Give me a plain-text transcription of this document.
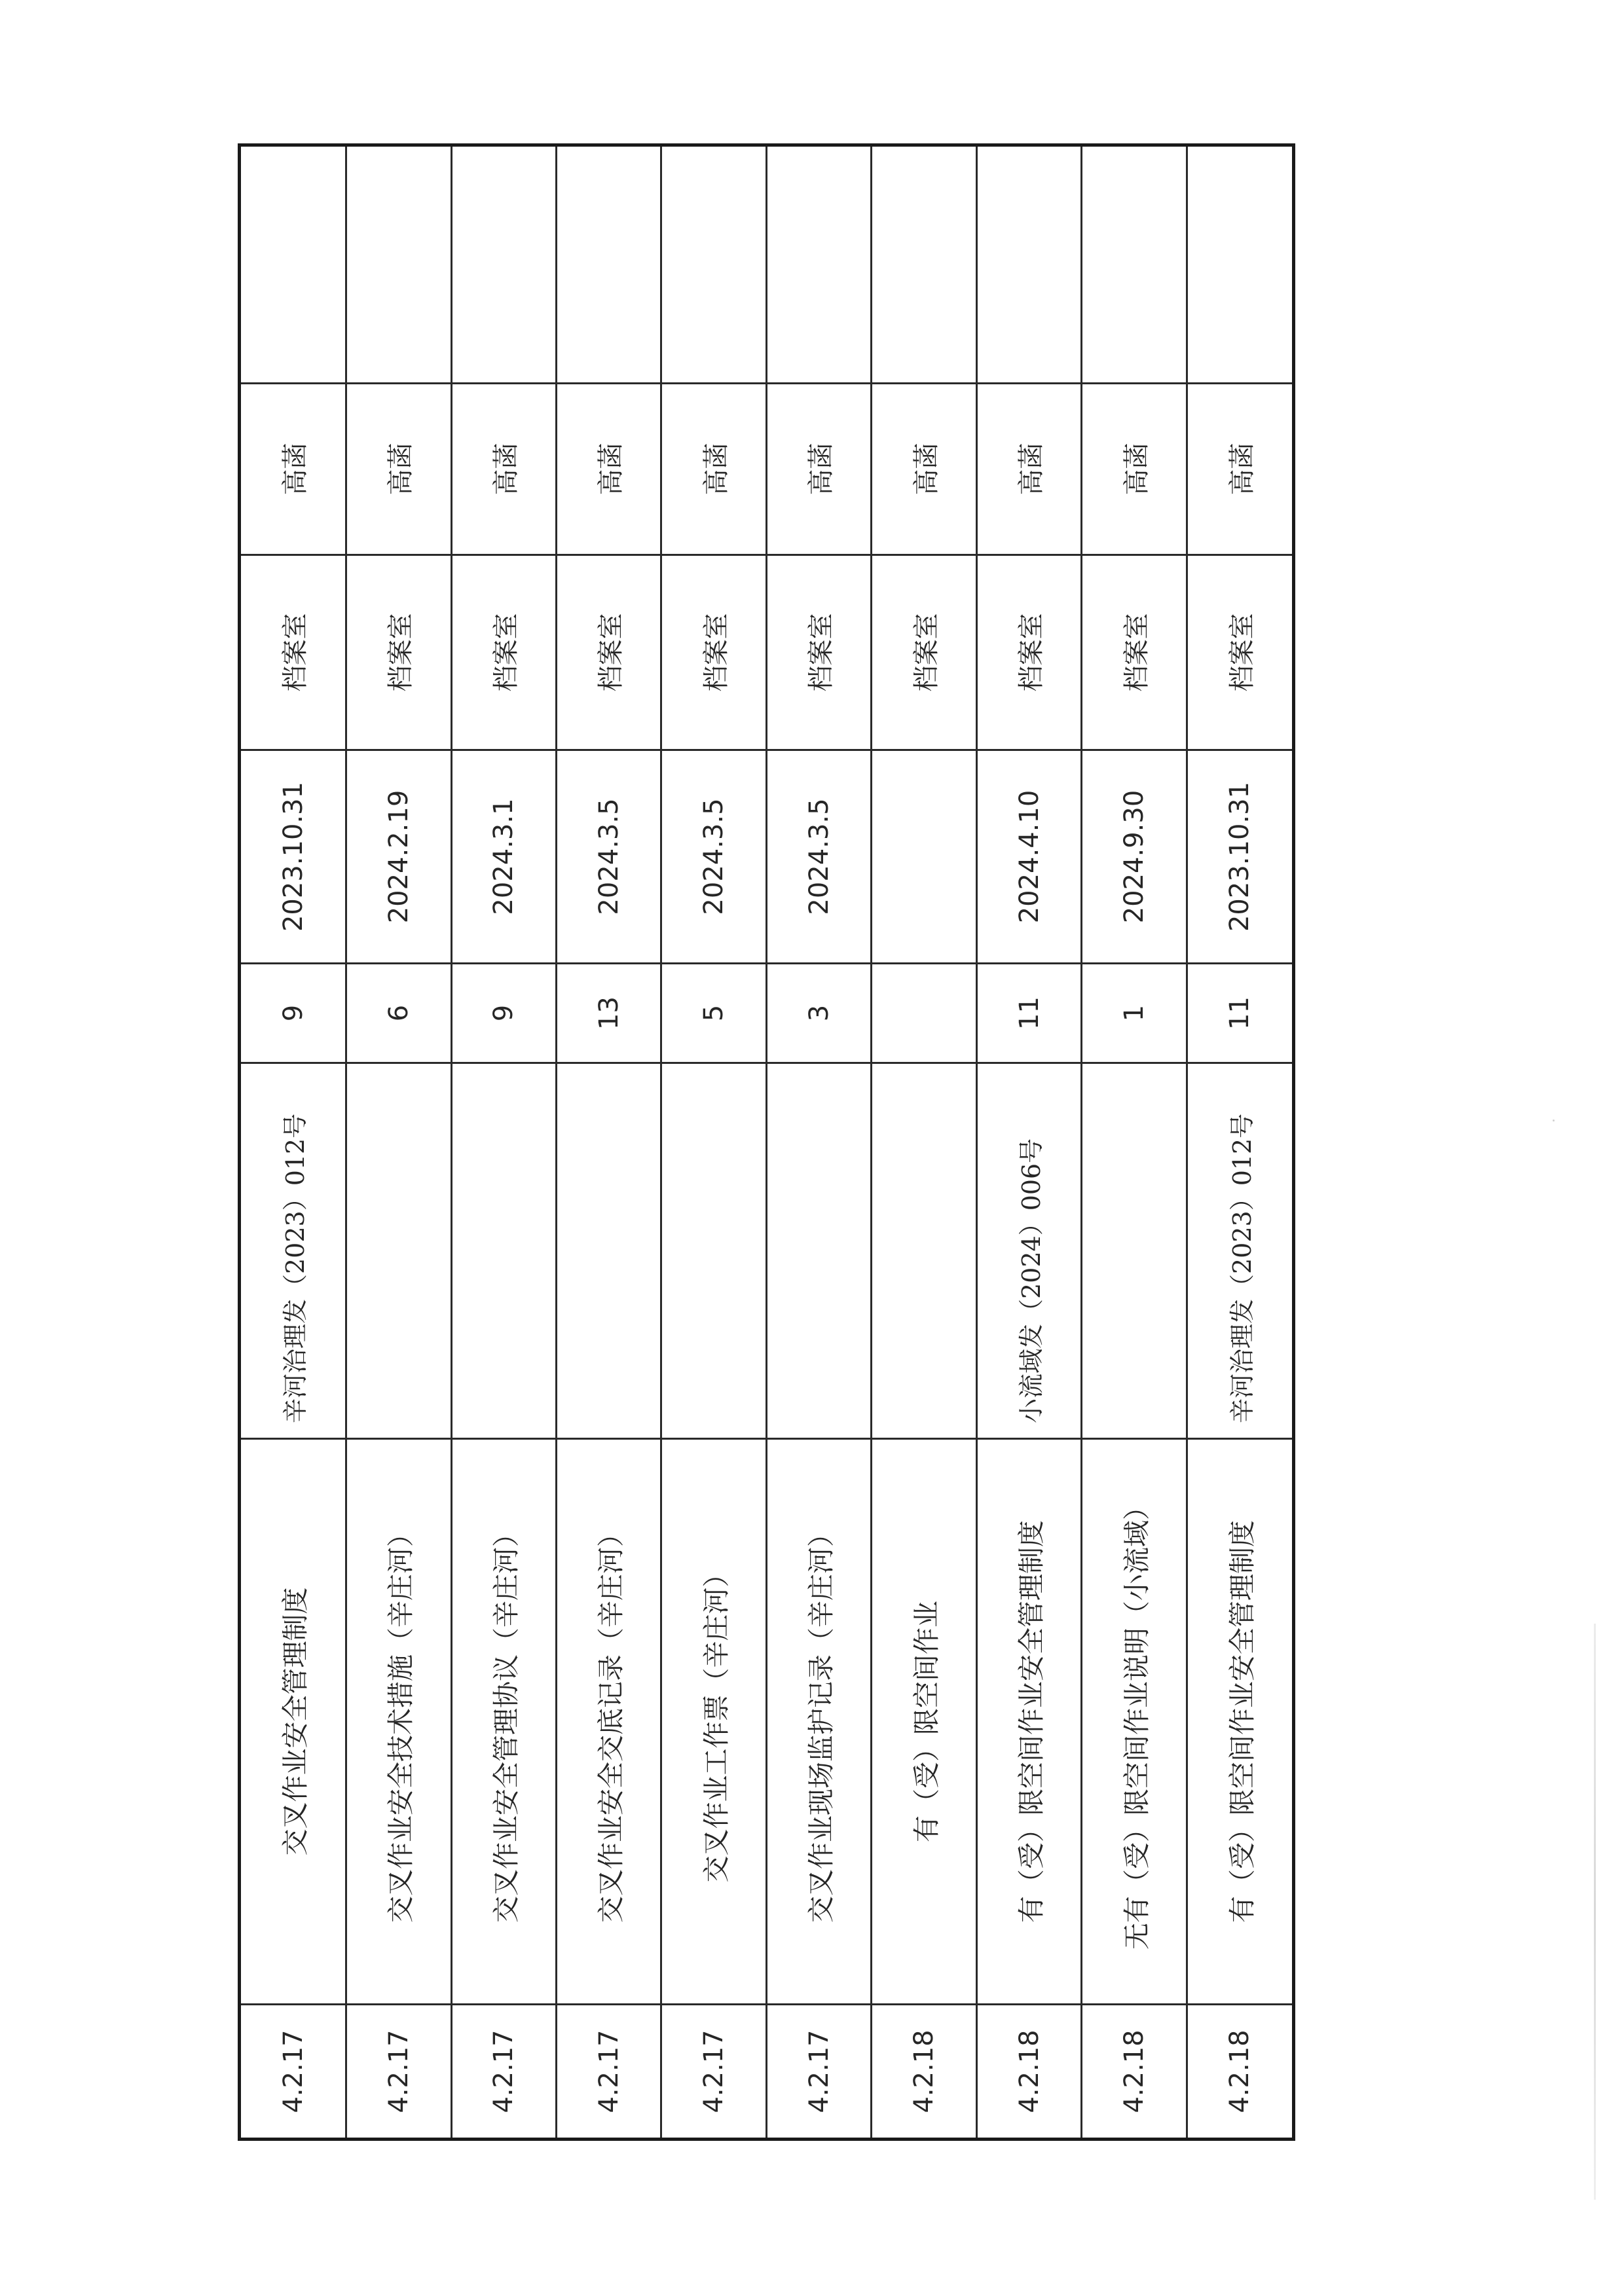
4.2.17	交叉作业安全管理制度	辛河治理发（2023）012号	9	2023.10.31	档案室	高菡	
4.2.17	交叉作业安全技术措施（辛庄河）		6	2024.2.19	档案室	高菡	
4.2.17	交叉作业安全管理协议（辛庄河）		9	2024.3.1	档案室	高菡	
4.2.17	交叉作业安全交底记录（辛庄河）		13	2024.3.5	档案室	高菡	
4.2.17	交叉作业工作票（辛庄河）		5	2024.3.5	档案室	高菡	
4.2.17	交叉作业现场监护记录（辛庄河）		3	2024.3.5	档案室	高菡	
4.2.18	有（受）限空间作业				档案室	高菡	
4.2.18	有（受）限空间作业安全管理制度	小流域发（2024）006号	11	2024.4.10	档案室	高菡	
4.2.18	无有（受）限空间作业说明（小流域）		1	2024.9.30	档案室	高菡	
4.2.18	有（受）限空间作业安全管理制度	辛河治理发（2023）012号	11	2023.10.31	档案室	高菡	
